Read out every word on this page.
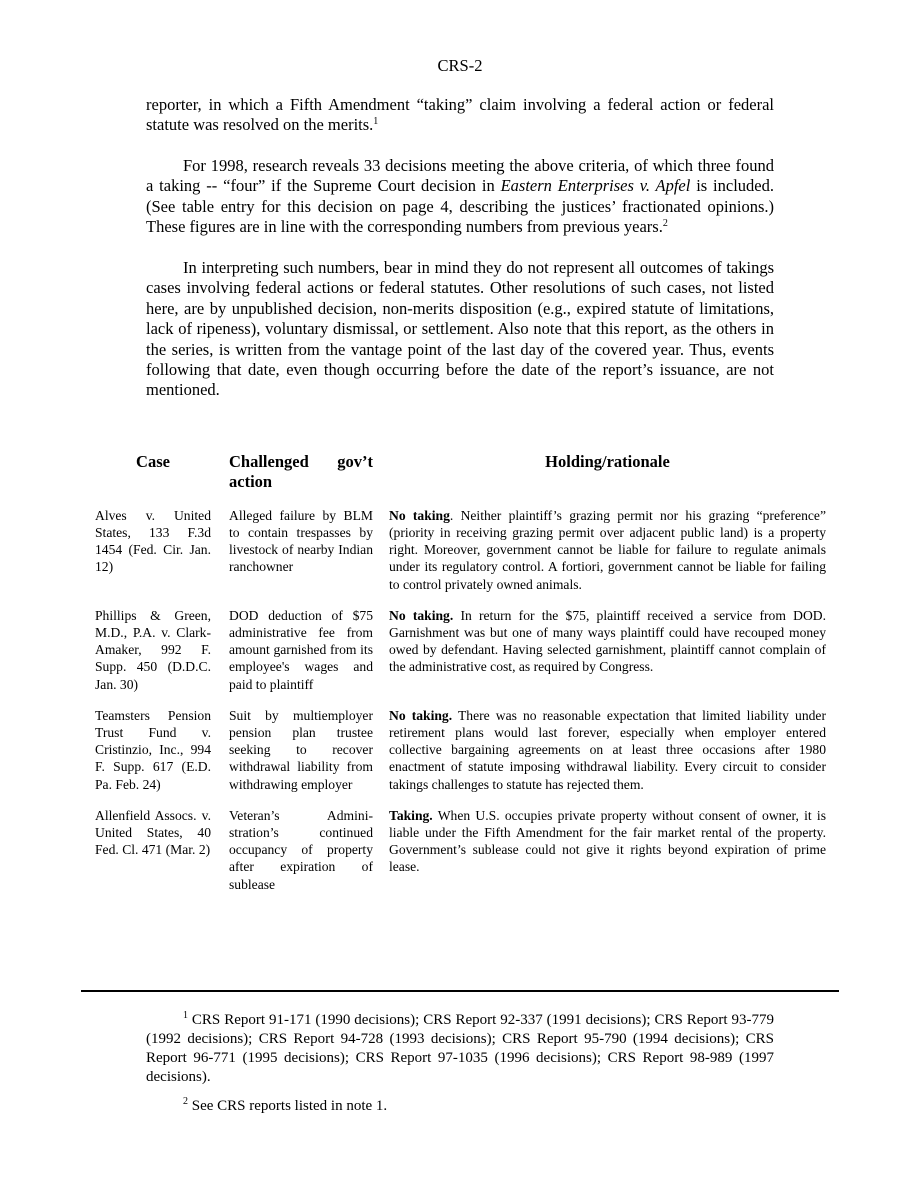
CRS-2
reporter, in which a Fifth Amendment “taking” claim involving a federal action or federal statute was resolved on the merits.$^1$
For 1998, research reveals 33 decisions meeting the above criteria, of which three found a taking -- “four” if the Supreme Court decision in Eastern Enterprises v. Apfel is included. (See table entry for this decision on page 4, describing the justices’ fractionated opinions.) These figures are in line with the corresponding numbers from previous years.$^2$
In interpreting such numbers, bear in mind they do not represent all outcomes of takings cases involving federal actions or federal statutes. Other resolutions of such cases, not listed here, are by unpublished decision, non-merits disposition (e.g., expired statute of limitations, lack of ripeness), voluntary dismissal, or settlement. Also note that this report, as the others in the series, is written from the vantage point of the last day of the covered year. Thus, events following that date, even though occurring before the date of the report’s issuance, are not mentioned.
Case	Challenged gov’t action	Holding/rationale
Alves v. United States, 133 F.3d 1454 (Fed. Cir. Jan. 12)	Alleged failure by BLM to contain trespasses by livestock of nearby Indian ranchowner	No taking. Neither plaintiff’s grazing permit nor his grazing “preference” (priority in receiving grazing permit over adjacent public land) is a property right. Moreover, government cannot be liable for failure to regulate animals under its regulatory control. A fortiori, government cannot be liable for failing to control privately owned animals.
Phillips & Green, M.D., P.A. v. Clark-Amaker, 992 F. Supp. 450 (D.D.C. Jan. 30)	DOD deduction of $75 administrative fee from amount garnished from its employee's wages and paid to plaintiff	No taking. In return for the $75, plaintiff received a service from DOD. Garnishment was but one of many ways plaintiff could have recouped money owed by defendant. Having selected garnishment, plaintiff cannot complain of the administrative cost, as required by Congress.
Teamsters Pension Trust Fund v. Cristinzio, Inc., 994 F. Supp. 617 (E.D. Pa. Feb. 24)	Suit by multiemployer pension plan trustee seeking to recover withdrawal liability from withdrawing employer	No taking. There was no reasonable expectation that limited liability under retirement plans would last forever, especially when employer entered collective bargaining agreements on at least three occasions after 1980 enactment of statute imposing withdrawal liability. Every circuit to consider takings challenges to statute has rejected them.
Allenfield Assocs. v. United States, 40 Fed. Cl. 471 (Mar. 2)	Veteran’s Admini-stration’s continued occupancy of property after expiration of sublease	Taking. When U.S. occupies private property without consent of owner, it is liable under the Fifth Amendment for the fair market rental of the property. Government’s sublease could not give it rights beyond expiration of prime lease.
$^1$ CRS Report 91-171 (1990 decisions); CRS Report 92-337 (1991 decisions); CRS Report 93-779 (1992 decisions); CRS Report 94-728 (1993 decisions); CRS Report 95-790 (1994 decisions); CRS Report 96-771 (1995 decisions); CRS Report 97-1035 (1996 decisions); CRS Report 98-989 (1997 decisions).
$^2$ See CRS reports listed in note 1.
